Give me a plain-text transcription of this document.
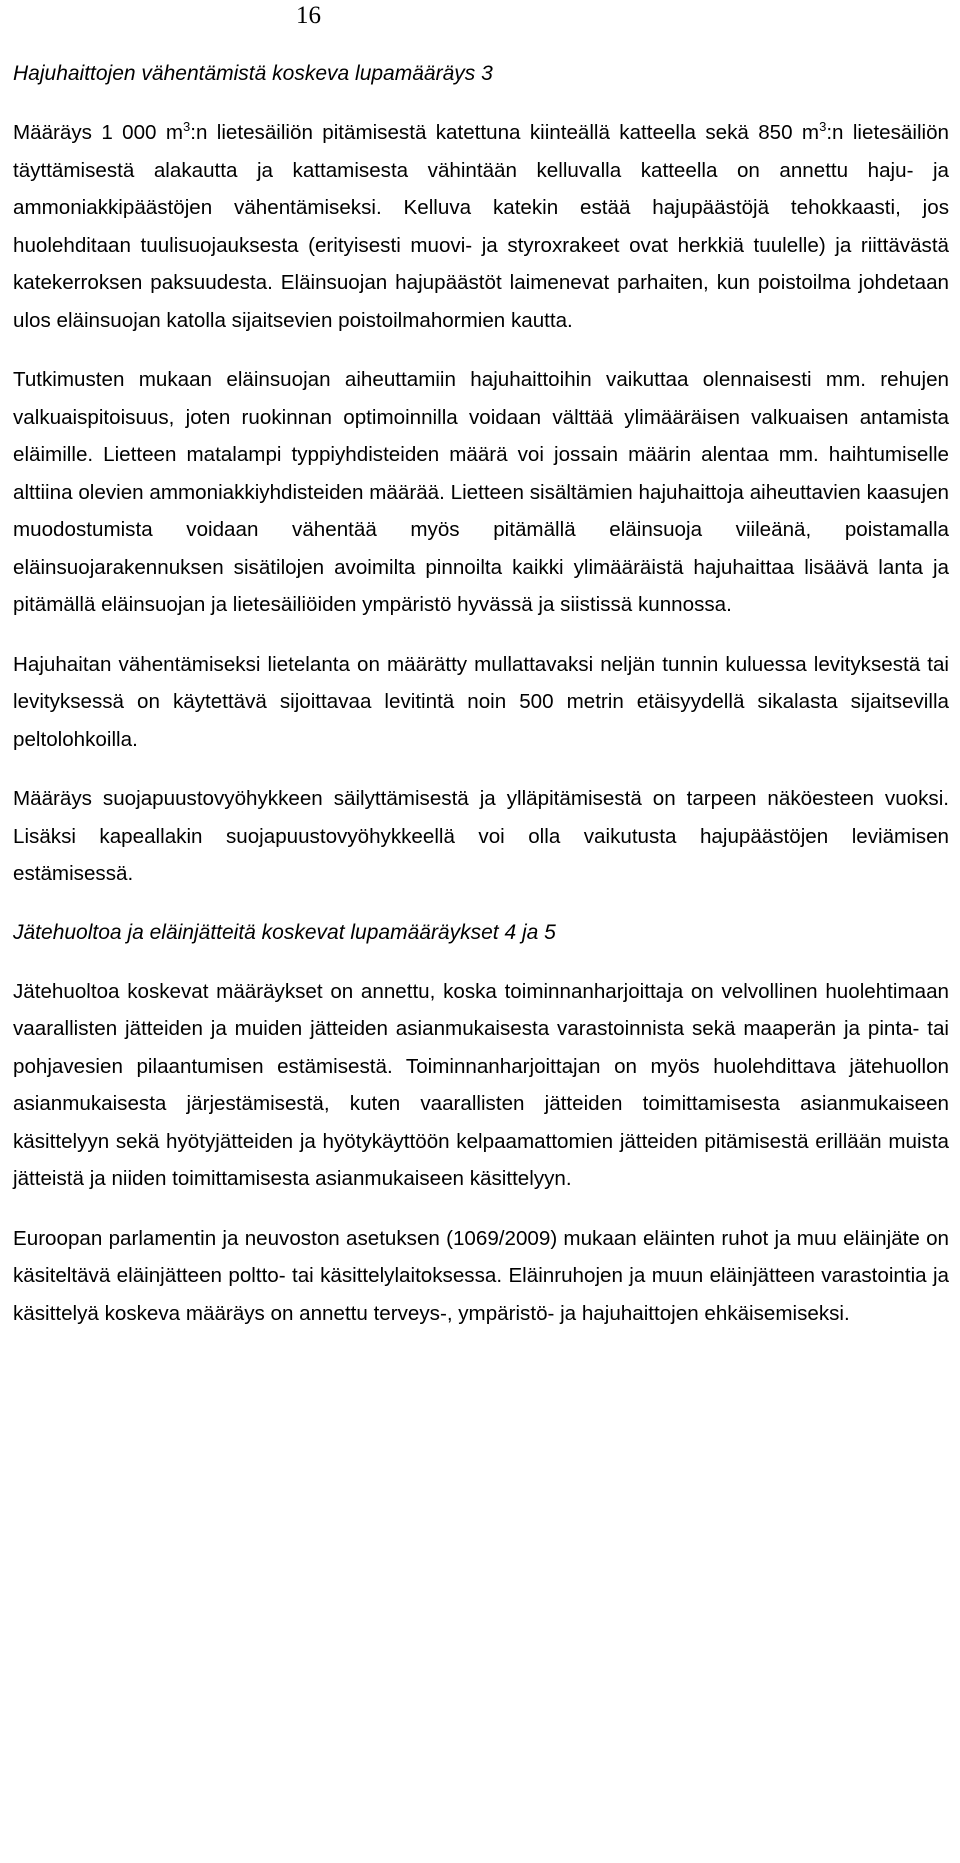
16
Hajuhaittojen vähentämistä koskeva lupamääräys 3

Määräys 1 000 $m^3:n$ lietesäiliön pitämisestä katettuna kiinteällä katteella sekä 850 $m^3:n$ lietesäiliön täyttämisestä alakautta ja kattamisesta vähintään kelluvalla katteella on annettu haju- ja ammoniakkipäästöjen vähentämiseksi. Kelluva katekin estää hajupäästöjä tehokkaasti, jos huolehditaan tuulisuojauksesta (erityisesti muovi- ja styroxrakeet ovat herkkiä tuulelle) ja riittävästä katekerroksen paksuudesta. Eläinsuojan hajupäästöt laimenevat parhaiten, kun poistoilma johdetaan ulos eläinsuojan katolla sijaitsevien poistoilmahormien kautta.

Tutkimusten mukaan eläinsuojan aiheuttamiin hajuhaittoihin vaikuttaa olennaisesti mm. rehujen valkuaispitoisuus, joten ruokinnan optimoinnilla voidaan välttää ylimääräisen valkuaisen antamista eläimille. Lietteen matalampi typpiyhdisteiden määrä voi jossain määrin alentaa mm. haihtumiselle alttiina olevien ammoniakkiyhdisteiden määrää. Lietteen sisältämien hajuhaittoja aiheuttavien kaasujen muodostumista voidaan vähentää myös pitämällä eläinsuoja viileänä, poistamalla eläinsuojarakennuksen sisätilojen avoimilta pinnoilta kaikki ylimääräistä hajuhaittaa lisäävä lanta ja pitämällä eläinsuojan ja lietesäiliöiden ympäristö hyvässä ja siistissä kunnossa.

Hajuhaitan vähentämiseksi lietelanta on määrätty mullattavaksi neljän tunnin kuluessa levityksestä tai levityksessä on käytettävä sijoittavaa levitintä noin 500 metrin etäisyydellä sikalasta sijaitsevilla peltolohkoilla.

Määräys suojapuustovyöhykkeen säilyttämisestä ja ylläpitämisestä on tarpeen näköesteen vuoksi. Lisäksi kapeallakin suojapuustovyöhykkeellä voi olla vaikutusta hajupäästöjen leviämisen estämisessä.

Jätehuoltoa ja eläinjätteitä koskevat lupamääräykset 4 ja 5

Jätehuoltoa koskevat määräykset on annettu, koska toiminnanharjoittaja on velvollinen huolehtimaan vaarallisten jätteiden ja muiden jätteiden asianmukaisesta varastoinnista sekä maaperän ja pinta- tai pohjavesien pilaantumisen estämisestä. Toiminnanharjoittajan on myös huolehdittava jätehuollon asianmukaisesta järjestämisestä, kuten vaarallisten jätteiden toimittamisesta asianmukaiseen käsittelyyn sekä hyötyjätteiden ja hyötykäyttöön kelpaamattomien jätteiden pitämisestä erillään muista jätteistä ja niiden toimittamisesta asianmukaiseen käsittelyyn.

Euroopan parlamentin ja neuvoston asetuksen (1069/2009) mukaan eläinten ruhot ja muu eläinjäte on käsiteltävä eläinjätteen poltto- tai käsittelylaitoksessa. Eläinruhojen ja muun eläinjätteen varastointia ja käsittelyä koskeva määräys on annettu terveys-, ympäristö- ja hajuhaittojen ehkäisemiseksi.
